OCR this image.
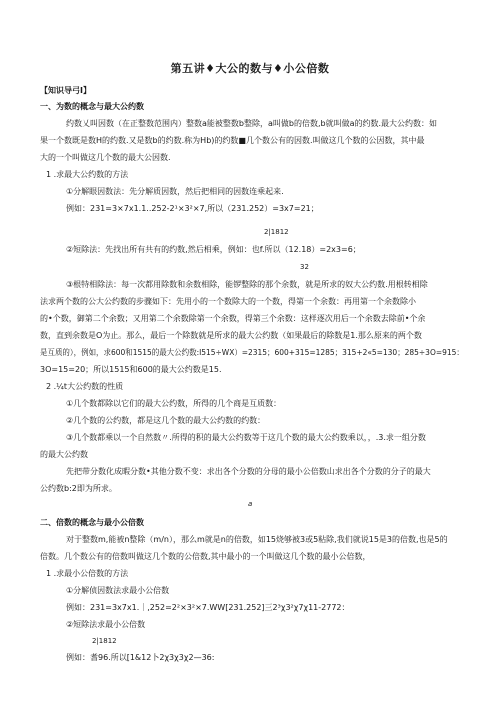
第五讲♦大公的数与♦小公倍数
【知识导弓I】
一、为数的概念与最大公约数
约数乂叫因数（在正整数范围内）整数a能被整数b整除，a叫做b的倍数,b就叫做a的约数.最大公约数：如
果一个数既是数H的约数.又是数b的约数.称为Hb)的约数■几个数公有的因数.叫做这几个数的公因数，其中最
大的一个叫做这几个数的最大公因数.
1 .求最大公约数的方法
①分解眼因数法：先分解质因数，然后把相同的因数连乘起来.
例如：231=3×7x1.1..252-2¹×3²×7,所以（231.252）=3x7=21；
2|1812
②短除法：先找出所有共有的约数,然后相乘，例如：也f.所以（12.18）=2x3=6；
32
③根特相除法：每一次都用除数和余数相除，能锣整除的那个余数，就是所求的奴大公约数.用根转相除
法求两个数的公大公约数的步骤如下：先用小的一个数除大的一个数，得第一个余数：再用第一个余数除小
的•个数，御第二个余数；又用第二个余数除第一个余数，得第三个余数：这样逐次用后一个余数去除前•个余
数，直到余数是O为止。那么，最后一个除数就是所求的最大公约数（如果最后的除数是1.那么原来的两个数
是互质的），例如，求600和1515的最大公约数:I515÷WX）=2315；600+315=1285；315+2«5=130；285÷3O=915：
3O=15=20；所以1515和600的最大公约数是15.
2 .¼t大公约数的性质
①几个数都除以它们的最大公约数，所得的几个商是互质数：
②几个数的公约数，都是这几个数的最大公约数的约数：
③几个数都乘以一个自然数〃.所得的积的最大公约数等于这几个数的最大公约数乘以，，.3.求一组分数
的最大公约数
先把带分数化成暇分数•其他分数不变：求出各个分数的分母的最小公倍数山求出各个分数的分子的最大
公约数b:2即为所求。
a
二、倍数的概念与最小公倍数
对于整数m,能被n整除（m/n），那么m就是n的倍数，如15烧够被3或5粘除,我们就说15是3的倍数,也是5的
倍数。几个数公有的倍数叫做这几个数的公倍数,其中最小的一个叫做这几个数的最小公倍数，
1 .求最小公倍数的方法
①分解侦因数法求最小公倍数
例如：231=3x7x1.｜,252=2²×3²×7.WW[231.252]三2³χ3²χ7χ11-2772：
②短除法求最小公倍数
2|1812
例如：耆96.所以[1&12卜2χ3χ3χ2—36:
